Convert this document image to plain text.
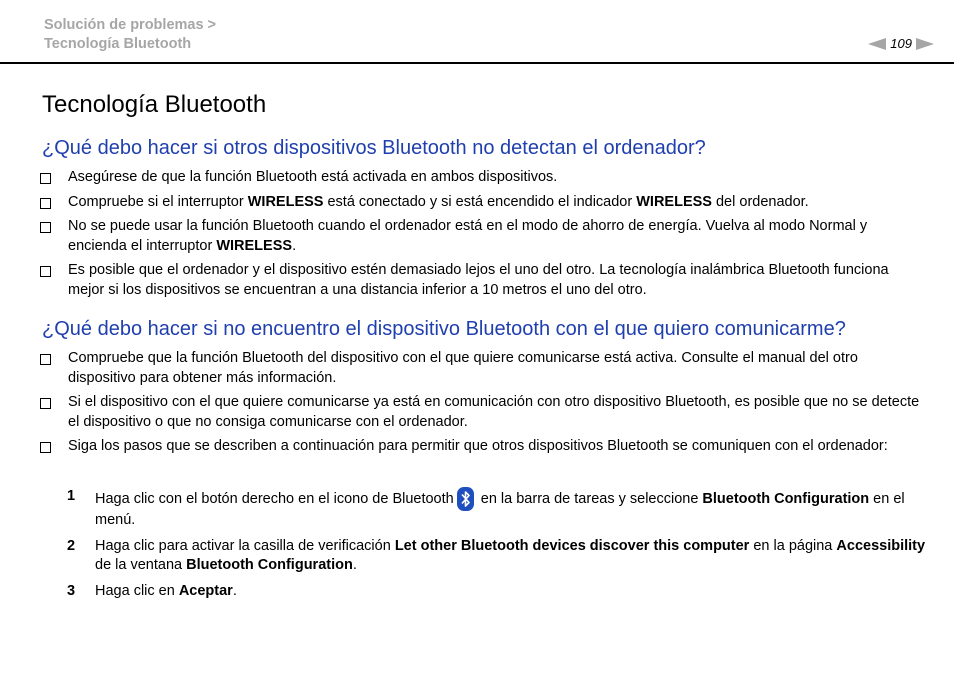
Solución de problemas >
Tecnología Bluetooth	109
Tecnología Bluetooth
¿Qué debo hacer si otros dispositivos Bluetooth no detectan el ordenador?
Asegúrese de que la función Bluetooth está activada en ambos dispositivos.
Compruebe si el interruptor WIRELESS está conectado y si está encendido el indicador WIRELESS del ordenador.
No se puede usar la función Bluetooth cuando el ordenador está en el modo de ahorro de energía. Vuelva al modo Normal y encienda el interruptor WIRELESS.
Es posible que el ordenador y el dispositivo estén demasiado lejos el uno del otro. La tecnología inalámbrica Bluetooth funciona mejor si los dispositivos se encuentran a una distancia inferior a 10 metros el uno del otro.
¿Qué debo hacer si no encuentro el dispositivo Bluetooth con el que quiero comunicarme?
Compruebe que la función Bluetooth del dispositivo con el que quiere comunicarse está activa. Consulte el manual del otro dispositivo para obtener más información.
Si el dispositivo con el que quiere comunicarse ya está en comunicación con otro dispositivo Bluetooth, es posible que no se detecte el dispositivo o que no consiga comunicarse con el ordenador.
Siga los pasos que se describen a continuación para permitir que otros dispositivos Bluetooth se comuniquen con el ordenador:
1 Haga clic con el botón derecho en el icono de Bluetooth en la barra de tareas y seleccione Bluetooth Configuration en el menú.
2 Haga clic para activar la casilla de verificación Let other Bluetooth devices discover this computer en la página Accessibility de la ventana Bluetooth Configuration.
3 Haga clic en Aceptar.
